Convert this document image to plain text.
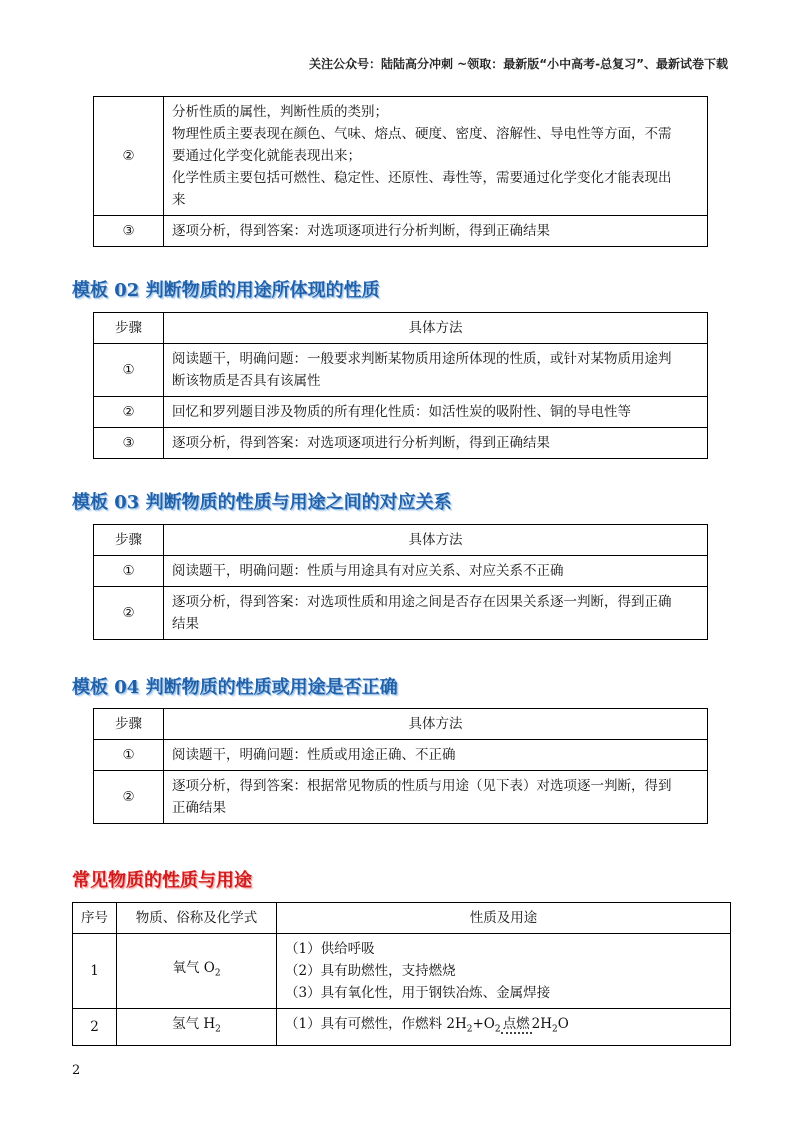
关注公众号：陆陆高分冲刺 ~领取：最新版“小中高考-总复习”、最新试卷下载
②	分析性质的属性，判断性质的类别；
物理性质主要表现在颜色、气味、熔点、硬度、密度、溶解性、导电性等方面，不需
要通过化学变化就能表现出来；
化学性质主要包括可燃性、稳定性、还原性、毒性等，需要通过化学变化才能表现出
来

③	逐项分析，得到答案：对选项逐项进行分析判断，得到正确结果
模板 02 判断物质的用途所体现的性质
步骤	具体方法
①	阅读题干，明确问题：一般要求判断某物质用途所体现的性质，或针对某物质用途判
断该物质是否具有该属性

②	回忆和罗列题目涉及物质的所有理化性质：如活性炭的吸附性、铜的导电性等
③	逐项分析，得到答案：对选项逐项进行分析判断，得到正确结果
模板 03 判断物质的性质与用途之间的对应关系
步骤	具体方法
①	阅读题干，明确问题：性质与用途具有对应关系、对应关系不正确
②	逐项分析，得到答案：对选项性质和用途之间是否存在因果关系逐一判断，得到正确
结果
模板 04 判断物质的性质或用途是否正确
步骤	具体方法
①	阅读题干，明确问题：性质或用途正确、不正确
②	逐项分析，得到答案：根据常见物质的性质与用途（见下表）对选项逐一判断，得到
正确结果
常见物质的性质与用途
序号	物质、俗称及化学式	性质及用途
1	氧气 $O_2$	（1）供给呼吸
（2）具有助燃性，支持燃烧
（3）具有氧化性，用于钢铁冶炼、金属焊接

2	氢气 $H_2$	（1）具有可燃性，作燃料 $2H_2+O_2$ 点燃 $2H_2O$
2
